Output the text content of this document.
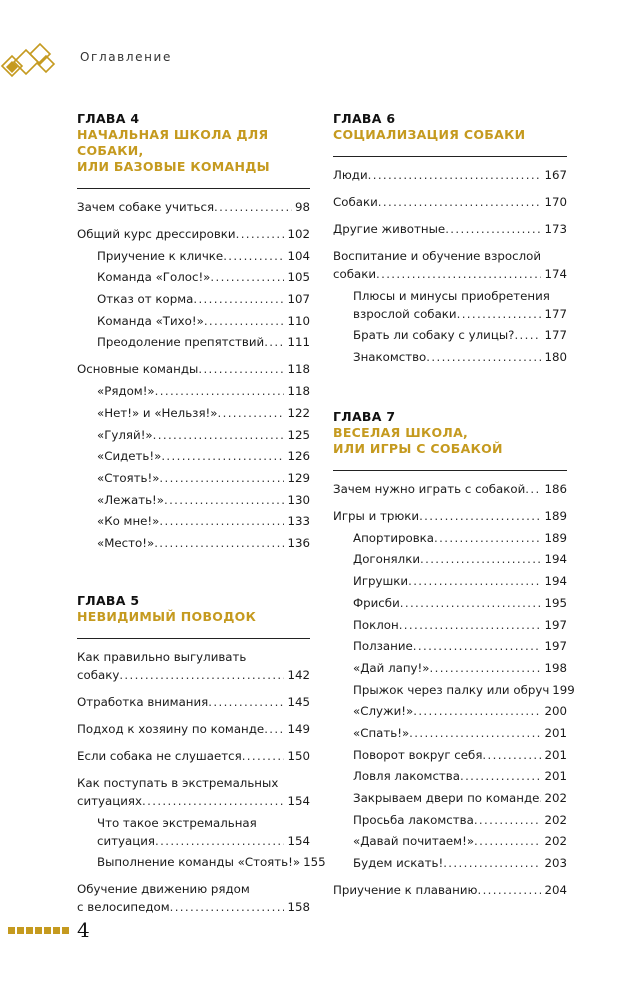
Оглавление
ГЛАВА 4
НАЧАЛЬНАЯ ШКОЛА ДЛЯ СОБАКИ,
ИЛИ БАЗОВЫЕ КОМАНДЫ
Зачем собаке учиться . . .	98
Общий курс дрессировки . . .	102
Приучение к кличке . . .	104
Команда «Голос!» . . .	105
Отказ от корма . . .	107
Команда «Тихо!» . . .	110
Преодоление препятствий . . . 111
Основные команды . . .	118
«Рядом!» . . .	118
«Нет!» и «Нельзя!» . . .	122
«Гуляй!» . . .	125
«Сидеть!» . . .	126
«Стоять!» . . .	129
«Лежать!» . . .	130
«Ко мне!» . . .	133
«Место!» . . .	136
ГЛАВА 5
НЕВИДИМЫЙ ПОВОДОК
Как правильно выгуливать
собаку . . .	142
Отработка внимания . . .	145
Подход к хозяину по команде . . . 149
Если собака не слушается . . .	150
Как поступать в экстремальных
ситуациях . . .	154
Что такое экстремальная
ситуация . . .	154
Выполнение команды «Стоять!» 155
Обучение движению рядом
с велосипедом . . .	158
ГЛАВА 6
СОЦИАЛИЗАЦИЯ СОБАКИ
Люди . . .	167
Собаки . . .	170
Другие животные . . .	173
Воспитание и обучение взрослой
собаки . . .	174
Плюсы и минусы приобретения
взрослой собаки . . .	177
Брать ли собаку с улицы? . . .	177
Знакомство . . .	180
ГЛАВА 7
ВЕСЕЛАЯ ШКОЛА,
ИЛИ ИГРЫ С СОБАКОЙ
Зачем нужно играть с собакой . . . 186
Игры и трюки . . .	189
Апортировка . . .	189
Догонялки . . .	194
Игрушки . . .	194
Фрисби . . .	195
Поклон . . .	197
Ползание . . .	197
«Дай лапу!» . . .	198
Прыжок через палку или обруч 199
«Служи!» . . .	200
«Спать!» . . .	201
Поворот вокруг себя . . .	201
Ловля лакомства . . .	201
Закрываем двери по команде . . . 202
Просьба лакомства . . .	202
«Давай почитаем!» . . .	202
Будем искать! . . .	203
Приучение к плаванию . . .	204
4
